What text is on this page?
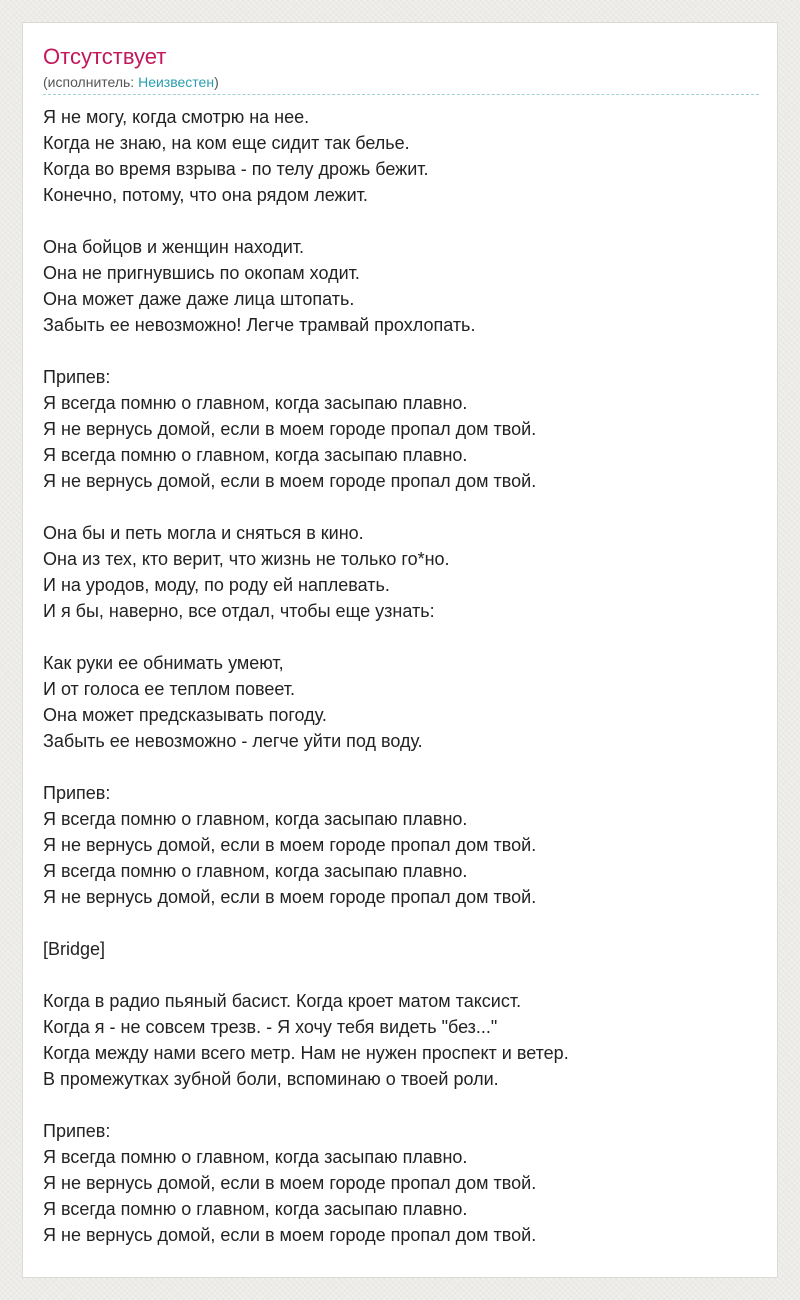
Отсутствует
(исполнитель: Неизвестен)
Я не могу, когда смотрю на нее.
Когда не знаю, на ком еще сидит так белье.
Когда во время взрыва - по телу дрожь бежит.
Конечно, потому, что она рядом лежит.
Она бойцов и женщин находит.
Она не пригнувшись по окопам ходит.
Она может даже даже лица штопать.
Забыть ее невозможно! Легче трамвай прохлопать.
Припев:
Я всегда помню о главном, когда засыпаю плавно.
Я не вернусь домой, если в моем городе пропал дом твой.
Я всегда помню о главном, когда засыпаю плавно.
Я не вернусь домой, если в моем городе пропал дом твой.
Она бы и петь могла и сняться в кино.
Она из тех, кто верит, что жизнь не только го*но.
И на уродов, моду, по роду ей наплевать.
И я бы, наверно, все отдал, чтобы еще узнать:
Как руки ее обнимать умеют,
И от голоса ее теплом повеет.
Она может предсказывать погоду.
Забыть ее невозможно - легче уйти под воду.
Припев:
Я всегда помню о главном, когда засыпаю плавно.
Я не вернусь домой, если в моем городе пропал дом твой.
Я всегда помню о главном, когда засыпаю плавно.
Я не вернусь домой, если в моем городе пропал дом твой.
[Bridge]
Когда в радио пьяный басист. Когда кроет матом таксист.
Когда я - не совсем трезв. - Я хочу тебя видеть "без..."
Когда между нами всего метр. Нам не нужен проспект и ветер.
В промежутках зубной боли, вспоминаю о твоей роли.
Припев:
Я всегда помню о главном, когда засыпаю плавно.
Я не вернусь домой, если в моем городе пропал дом твой.
Я всегда помню о главном, когда засыпаю плавно.
Я не вернусь домой, если в моем городе пропал дом твой.
